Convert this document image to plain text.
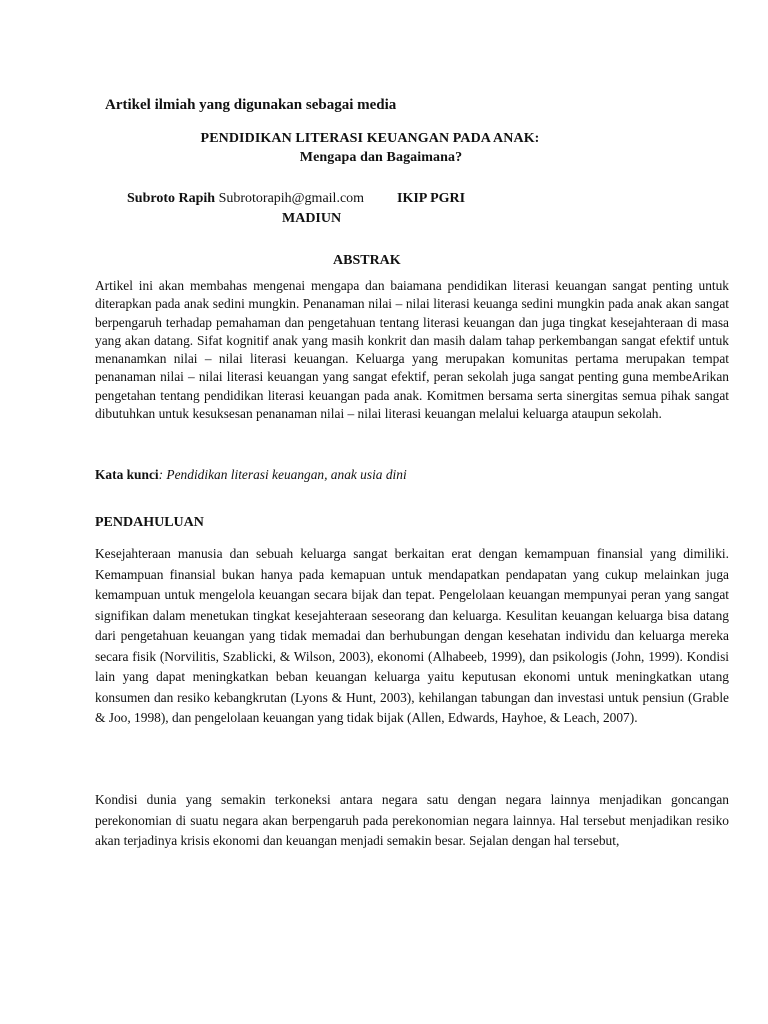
Artikel ilmiah yang digunakan sebagai media
PENDIDIKAN LITERASI KEUANGAN PADA ANAK:
Mengapa dan Bagaimana?
Subroto Rapih Subrotorapih@gmail.com IKIP PGRI
MADIUN
ABSTRAK

Artikel ini akan membahas mengenai mengapa dan baiamana pendidikan literasi keuangan sangat penting untuk diterapkan pada anak sedini mungkin. Penanaman nilai – nilai literasi keuanga sedini mungkin pada anak akan sangat berpengaruh terhadap pemahaman dan pengetahuan tentang literasi keuangan dan juga tingkat kesejahteraan di masa yang akan datang. Sifat kognitif anak yang masih konkrit dan masih dalam tahap perkembangan sangat efektif untuk menanamkan nilai – nilai literasi keuangan. Keluarga yang merupakan komunitas pertama merupakan tempat penanaman nilai – nilai literasi keuangan yang sangat efektif, peran sekolah juga sangat penting guna membeArikan pengetahan tentang pendidikan literasi keuangan pada anak. Komitmen bersama serta sinergitas semua pihak sangat dibutuhkan untuk kesuksesan penanaman nilai – nilai literasi keuangan melalui keluarga ataupun sekolah.

Kata kunci: Pendidikan literasi keuangan, anak usia dini
PENDAHULUAN

Kesejahteraan manusia dan sebuah keluarga sangat berkaitan erat dengan kemampuan finansial yang dimiliki. Kemampuan finansial bukan hanya pada kemapuan untuk mendapatkan pendapatan yang cukup melainkan juga kemampuan untuk mengelola keuangan secara bijak dan tepat. Pengelolaan keuangan mempunyai peran yang sangat signifikan dalam menetukan tingkat kesejahteraan seseorang dan keluarga. Kesulitan keuangan keluarga bisa datang dari pengetahuan keuangan yang tidak memadai dan berhubungan dengan kesehatan individu dan keluarga mereka secara fisik (Norvilitis, Szablicki, & Wilson, 2003), ekonomi (Alhabeeb, 1999), dan psikologis (John, 1999). Kondisi lain yang dapat meningkatkan beban keuangan keluarga yaitu keputusan ekonomi untuk meningkatkan utang konsumen dan resiko kebangkrutan (Lyons & Hunt, 2003), kehilangan tabungan dan investasi untuk pensiun (Grable & Joo, 1998), dan pengelolaan keuangan yang tidak bijak (Allen, Edwards, Hayhoe, & Leach, 2007).

Kondisi dunia yang semakin terkoneksi antara negara satu dengan negara lainnya menjadikan goncangan perekonomian di suatu negara akan berpengaruh pada perekonomian negara lainnya. Hal tersebut menjadikan resiko akan terjadinya krisis ekonomi dan keuangan menjadi semakin besar. Sejalan dengan hal tersebut,
